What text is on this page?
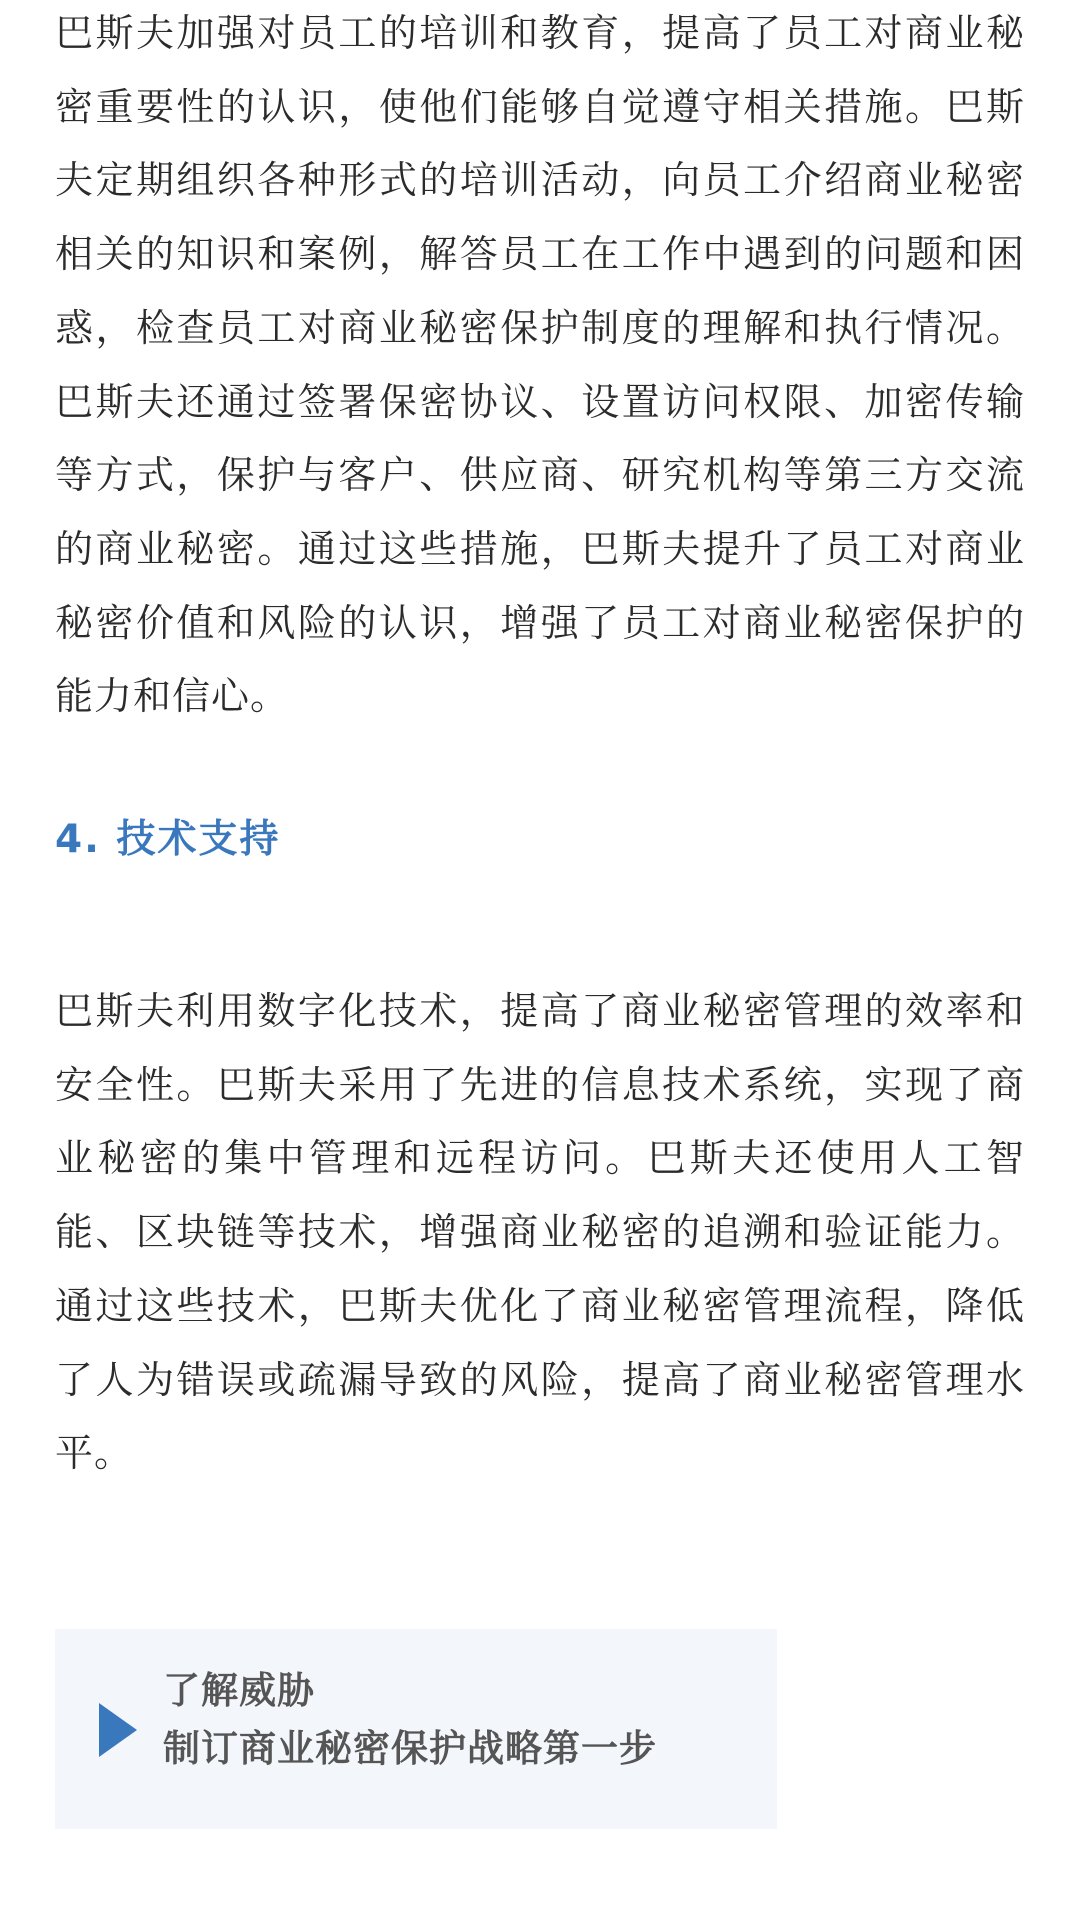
巴斯夫加强对员工的培训和教育，提高了员工对商业秘密重要性的认识，使他们能够自觉遵守相关措施。巴斯夫定期组织各种形式的培训活动，向员工介绍商业秘密相关的知识和案例，解答员工在工作中遇到的问题和困惑，检查员工对商业秘密保护制度的理解和执行情况。巴斯夫还通过签署保密协议、设置访问权限、加密传输等方式，保护与客户、供应商、研究机构等第三方交流的商业秘密。通过这些措施，巴斯夫提升了员工对商业秘密价值和风险的认识，增强了员工对商业秘密保护的能力和信心。

4. 技术支持

巴斯夫利用数字化技术，提高了商业秘密管理的效率和安全性。巴斯夫采用了先进的信息技术系统，实现了商业秘密的集中管理和远程访问。巴斯夫还使用人工智能、区块链等技术，增强商业秘密的追溯和验证能力。通过这些技术，巴斯夫优化了商业秘密管理流程，降低了人为错误或疏漏导致的风险，提高了商业秘密管理水平。

了解威胁
制订商业秘密保护战略第一步
